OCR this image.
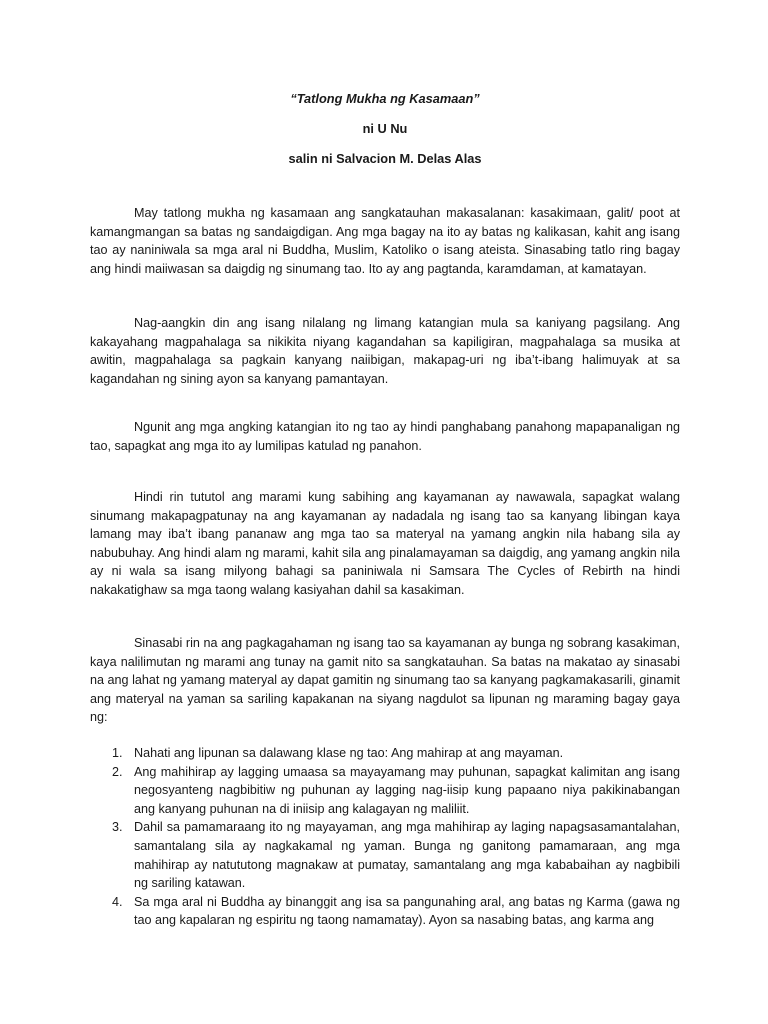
“Tatlong Mukha ng Kasamaan”
ni U Nu
salin ni Salvacion M. Delas Alas

May tatlong mukha ng kasamaan ang sangkatauhan makasalanan: kasakimaan, galit/ poot at kamangmangan sa batas ng sandaigdigan. Ang mga bagay na ito ay batas ng kalikasan, kahit ang isang tao ay naniniwala sa mga aral ni Buddha, Muslim, Katoliko o isang ateista. Sinasabing tatlo ring bagay ang hindi maiiwasan sa daigdig ng sinumang tao. Ito ay ang pagtanda, karamdaman, at kamatayan.

Nag-aangkin din ang isang nilalang ng limang katangian mula sa kaniyang pagsilang. Ang kakayahang magpahalaga sa nikikita niyang kagandahan sa kapiligiran, magpahalaga sa musika at awitin, magpahalaga sa pagkain kanyang naiibigan, makapag-uri ng iba’t-ibang halimuyak at sa kagandahan ng sining ayon sa kanyang pamantayan.

Ngunit ang mga angking katangian ito ng tao ay hindi panghabang panahong mapapanaligan ng tao, sapagkat ang mga ito ay lumilipas katulad ng panahon.

Hindi rin tututol ang marami kung sabihing ang kayamanan ay nawawala, sapagkat walang sinumang makapagpatunay na ang kayamanan ay nadadala ng isang tao sa kanyang libingan kaya lamang may iba’t ibang pananaw ang mga tao sa materyal na yamang angkin nila habang sila ay nabubuhay. Ang hindi alam ng marami, kahit sila ang pinalamayaman sa daigdig, ang yamang angkin nila ay ni wala sa isang milyong bahagi sa paniniwala ni Samsara The Cycles of Rebirth na hindi nakakatighaw sa mga taong walang kasiyahan dahil sa kasakiman.

Sinasabi rin na ang pagkagahaman ng isang tao sa kayamanan ay bunga ng sobrang kasakiman, kaya nalilimutan ng marami ang tunay na gamit nito sa sangkatauhan. Sa batas na makatao ay sinasabi na ang lahat ng yamang materyal ay dapat gamitin ng sinumang tao sa kanyang pagkamakasarili, ginamit ang materyal na yaman sa sariling kapakanan na siyang nagdulot sa lipunan ng maraming bagay gaya ng:

1. Nahati ang lipunan sa dalawang klase ng tao: Ang mahirap at ang mayaman.
2. Ang mahihirap ay lagging umaasa sa mayayamang may puhunan, sapagkat kalimitan ang isang negosyanteng nagbibitiw ng puhunan ay lagging nag-iisip kung papaano niya pakikinabangan ang kanyang puhunan na di iniisip ang kalagayan ng maliliit.
3. Dahil sa pamamaraang ito ng mayayaman, ang mga mahihirap ay laging napagsasamantalahan, samantalang sila ay nagkakamal ng yaman. Bunga ng ganitong pamamaraan, ang mga mahihirap ay natututong magnakaw at pumatay, samantalang ang mga kababaihan ay nagbibili ng sariling katawan.
4. Sa mga aral ni Buddha ay binanggit ang isa sa pangunahing aral, ang batas ng Karma (gawa ng tao ang kapalaran ng espiritu ng taong namamatay). Ayon sa nasabing batas, ang karma ang
